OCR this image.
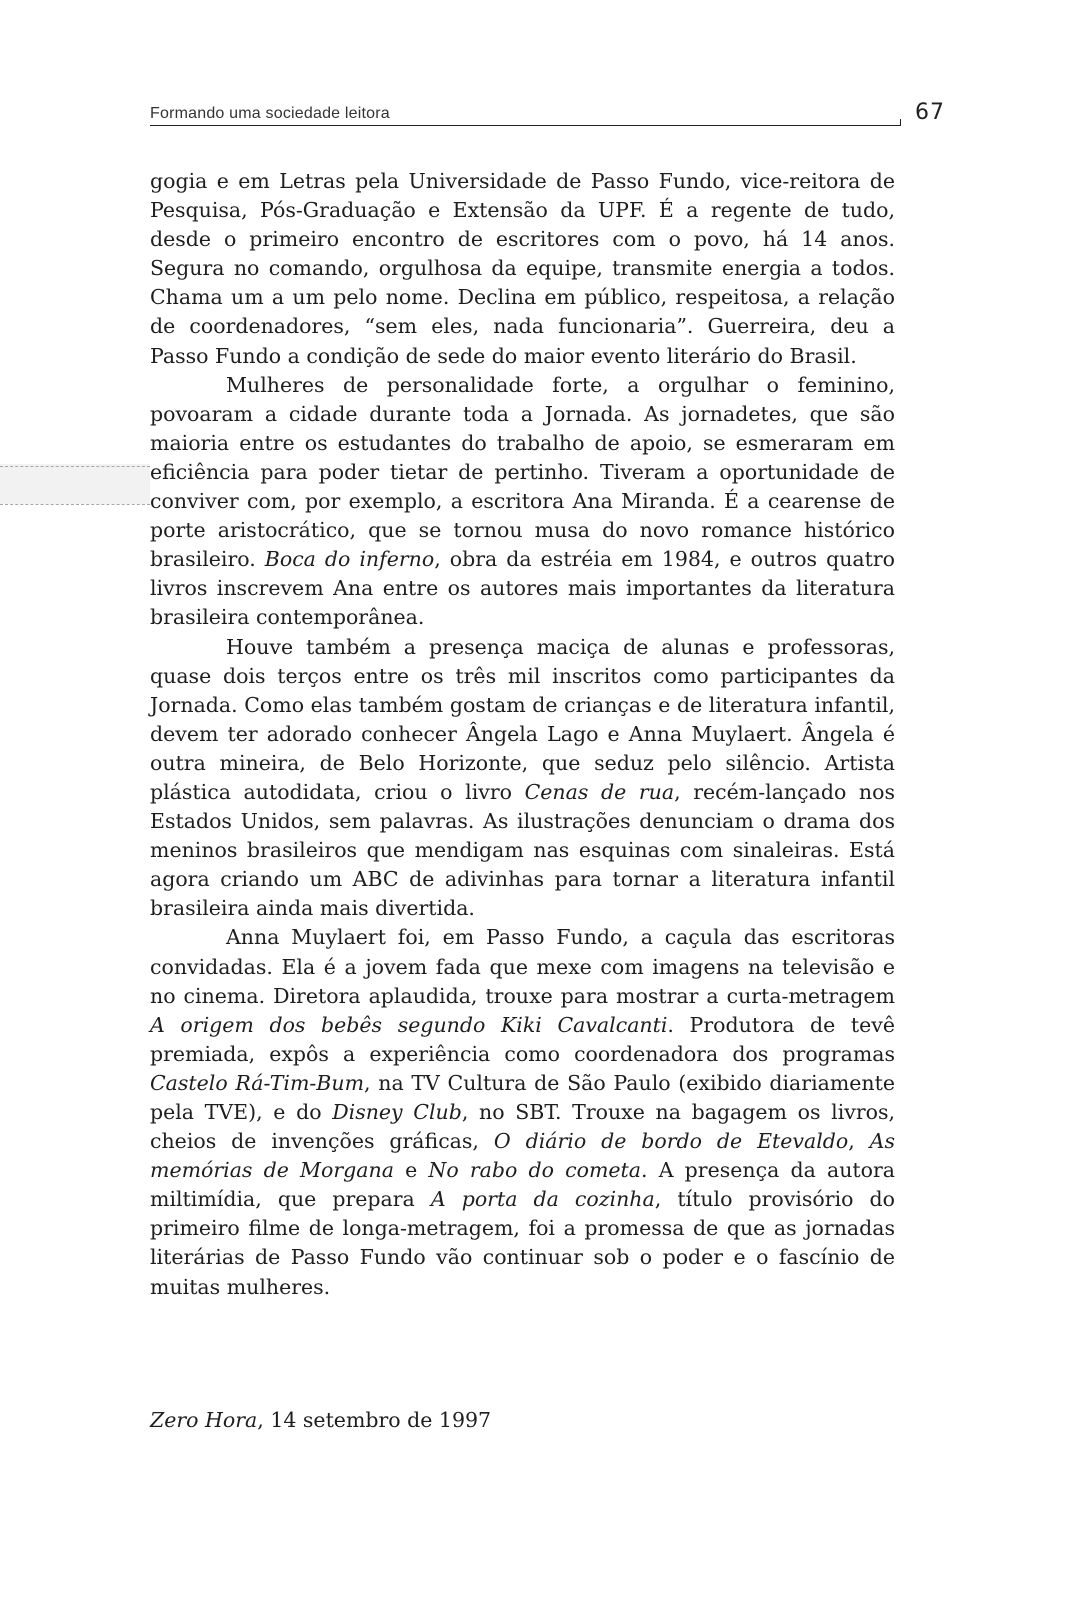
Formando uma sociedade leitora	67

gogia e em Letras pela Universidade de Passo Fundo, vice-reitora de Pesquisa, Pós-Graduação e Extensão da UPF. É a regente de tudo, desde o primeiro encontro de escritores com o povo, há 14 anos. Segura no comando, orgulhosa da equipe, transmite energia a todos. Chama um a um pelo nome. Declina em público, respeitosa, a relação de coordenadores, “sem eles, nada funcionaria”. Guerreira, deu a Passo Fundo a condição de sede do maior evento literário do Brasil.

Mulheres de personalidade forte, a orgulhar o feminino, povoaram a cidade durante toda a Jornada. As jornadetes, que são maioria entre os estudantes do trabalho de apoio, se esmeraram em eficiência para poder tietar de pertinho. Tiveram a oportunidade de conviver com, por exemplo, a escritora Ana Miranda. É a cearense de porte aristocrático, que se tornou musa do novo romance histórico brasileiro. Boca do inferno, obra da estréia em 1984, e outros quatro livros inscrevem Ana entre os autores mais importantes da literatura brasileira contemporânea.

Houve também a presença maciça de alunas e professoras, quase dois terços entre os três mil inscritos como participantes da Jornada. Como elas também gostam de crianças e de literatura infantil, devem ter adorado conhecer Ângela Lago e Anna Muylaert. Ângela é outra mineira, de Belo Horizonte, que seduz pelo silêncio. Artista plástica autodidata, criou o livro Cenas de rua, recém-lançado nos Estados Unidos, sem palavras. As ilustrações denunciam o drama dos meninos brasileiros que mendigam nas esquinas com sinaleiras. Está agora criando um ABC de adivinhas para tornar a literatura infantil brasileira ainda mais divertida.

Anna Muylaert foi, em Passo Fundo, a caçula das escritoras convidadas. Ela é a jovem fada que mexe com imagens na televisão e no cinema. Diretora aplaudida, trouxe para mostrar a curta-metragem A origem dos bebês segundo Kiki Cavalcanti. Produtora de tevê premiada, expôs a experiência como coordenadora dos programas Castelo Rá-Tim-Bum, na TV Cultura de São Paulo (exibido diariamente pela TVE), e do Disney Club, no SBT. Trouxe na bagagem os livros, cheios de invenções gráficas, O diário de bordo de Etevaldo, As memórias de Morgana e No rabo do cometa. A presença da autora miltimídia, que prepara A porta da cozinha, título provisório do primeiro filme de longa-metragem, foi a promessa de que as jornadas literárias de Passo Fundo vão continuar sob o poder e o fascínio de muitas mulheres.

Zero Hora, 14 setembro de 1997
